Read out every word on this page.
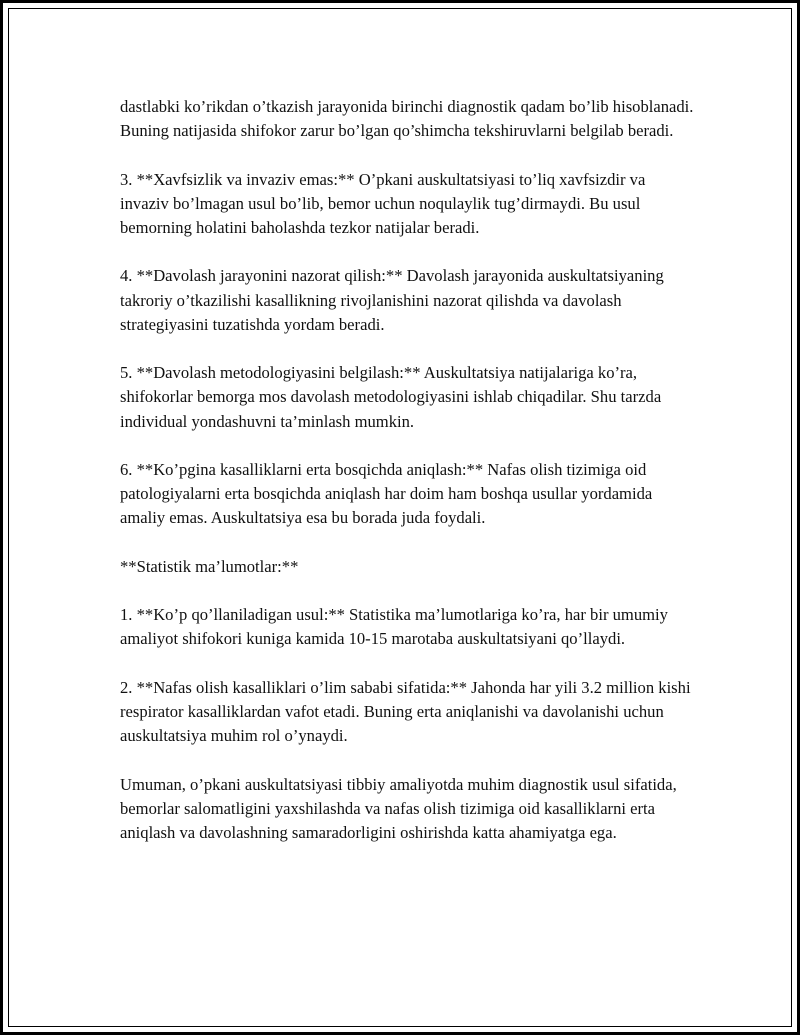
dastlabki ko’rikdan o’tkazish jarayonida birinchi diagnostik qadam bo’lib hisoblanadi. Buning natijasida shifokor zarur bo’lgan qo’shimcha tekshiruvlarni belgilab beradi.

3. **Xavfsizlik va invaziv emas:** O’pkani auskultatsiyasi to’liq xavfsizdir va invaziv bo’lmagan usul bo’lib, bemor uchun noqulaylik tug’dirmaydi. Bu usul bemorning holatini baholashda tezkor natijalar beradi.

4. **Davolash jarayonini nazorat qilish:** Davolash jarayonida auskultatsiyaning takroriy o’tkazilishi kasallikning rivojlanishini nazorat qilishda va davolash strategiyasini tuzatishda yordam beradi.

5. **Davolash metodologiyasini belgilash:** Auskultatsiya natijalariga ko’ra, shifokorlar bemorga mos davolash metodologiyasini ishlab chiqadilar. Shu tarzda individual yondashuvni ta’minlash mumkin.

6. **Ko’pgina kasalliklarni erta bosqichda aniqlash:** Nafas olish tizimiga oid patologiyalarni erta bosqichda aniqlash har doim ham boshqa usullar yordamida amaliy emas. Auskultatsiya esa bu borada juda foydali.

**Statistik ma’lumotlar:**

1. **Ko’p qo’llaniladigan usul:** Statistika ma’lumotlariga ko’ra, har bir umumiy amaliyot shifokori kuniga kamida 10-15 marotaba auskultatsiyani qo’llaydi.

2. **Nafas olish kasalliklari o’lim sababi sifatida:** Jahonda har yili 3.2 million kishi respirator kasalliklardan vafot etadi. Buning erta aniqlanishi va davolanishi uchun auskultatsiya muhim rol o’ynaydi.

Umuman, o’pkani auskultatsiyasi tibbiy amaliyotda muhim diagnostik usul sifatida, bemorlar salomatligini yaxshilashda va nafas olish tizimiga oid kasalliklarni erta aniqlash va davolashning samaradorligini oshirishda katta ahamiyatga ega.
